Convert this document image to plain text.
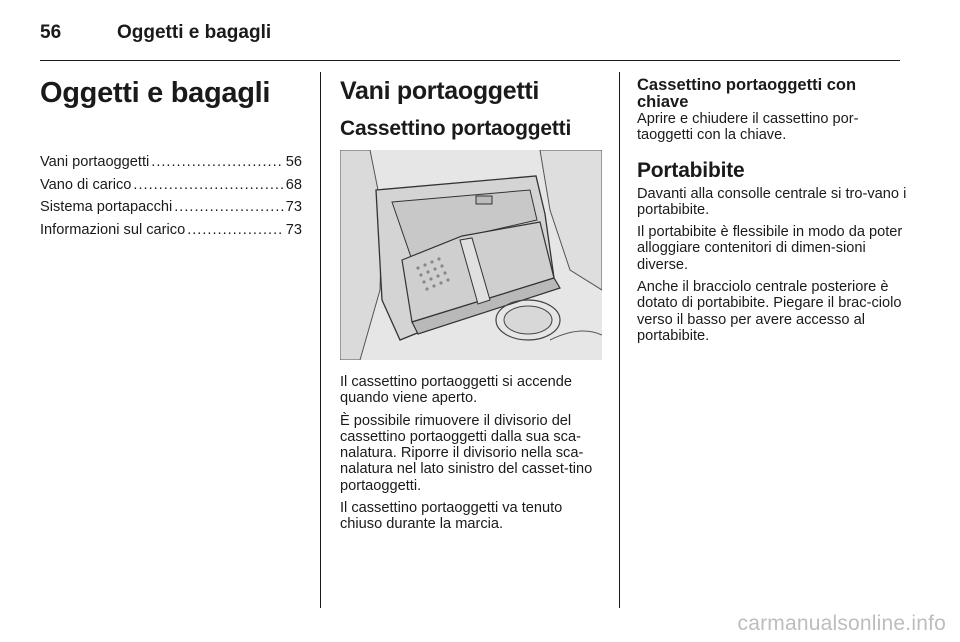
56	Oggetti e bagagli
Oggetti e bagagli
Vani portaoggetti .....	56
Vano di carico .....	68
Sistema portapacchi .....	73
Informazioni sul carico .....	73
Vani portaoggetti
Cassettino portaoggetti

Il cassettino portaoggetti si accende quando viene aperto.

È possibile rimuovere il divisorio del cassettino portaoggetti dalla sua sca-nalatura. Riporre il divisorio nella sca-nalatura nel lato sinistro del casset-tino portaoggetti.

Il cassettino portaoggetti va tenuto chiuso durante la marcia.

Cassettino portaoggetti con chiave

Aprire e chiudere il cassettino por-taoggetti con la chiave.

Portabibite

Davanti alla consolle centrale si tro-vano i portabibite.

Il portabibite è flessibile in modo da poter alloggiare contenitori di dimen-sioni diverse.

Anche il bracciolo centrale posteriore è dotato di portabibite. Piegare il brac-ciolo verso il basso per avere accesso al portabibite.

carmanualsonline.info
